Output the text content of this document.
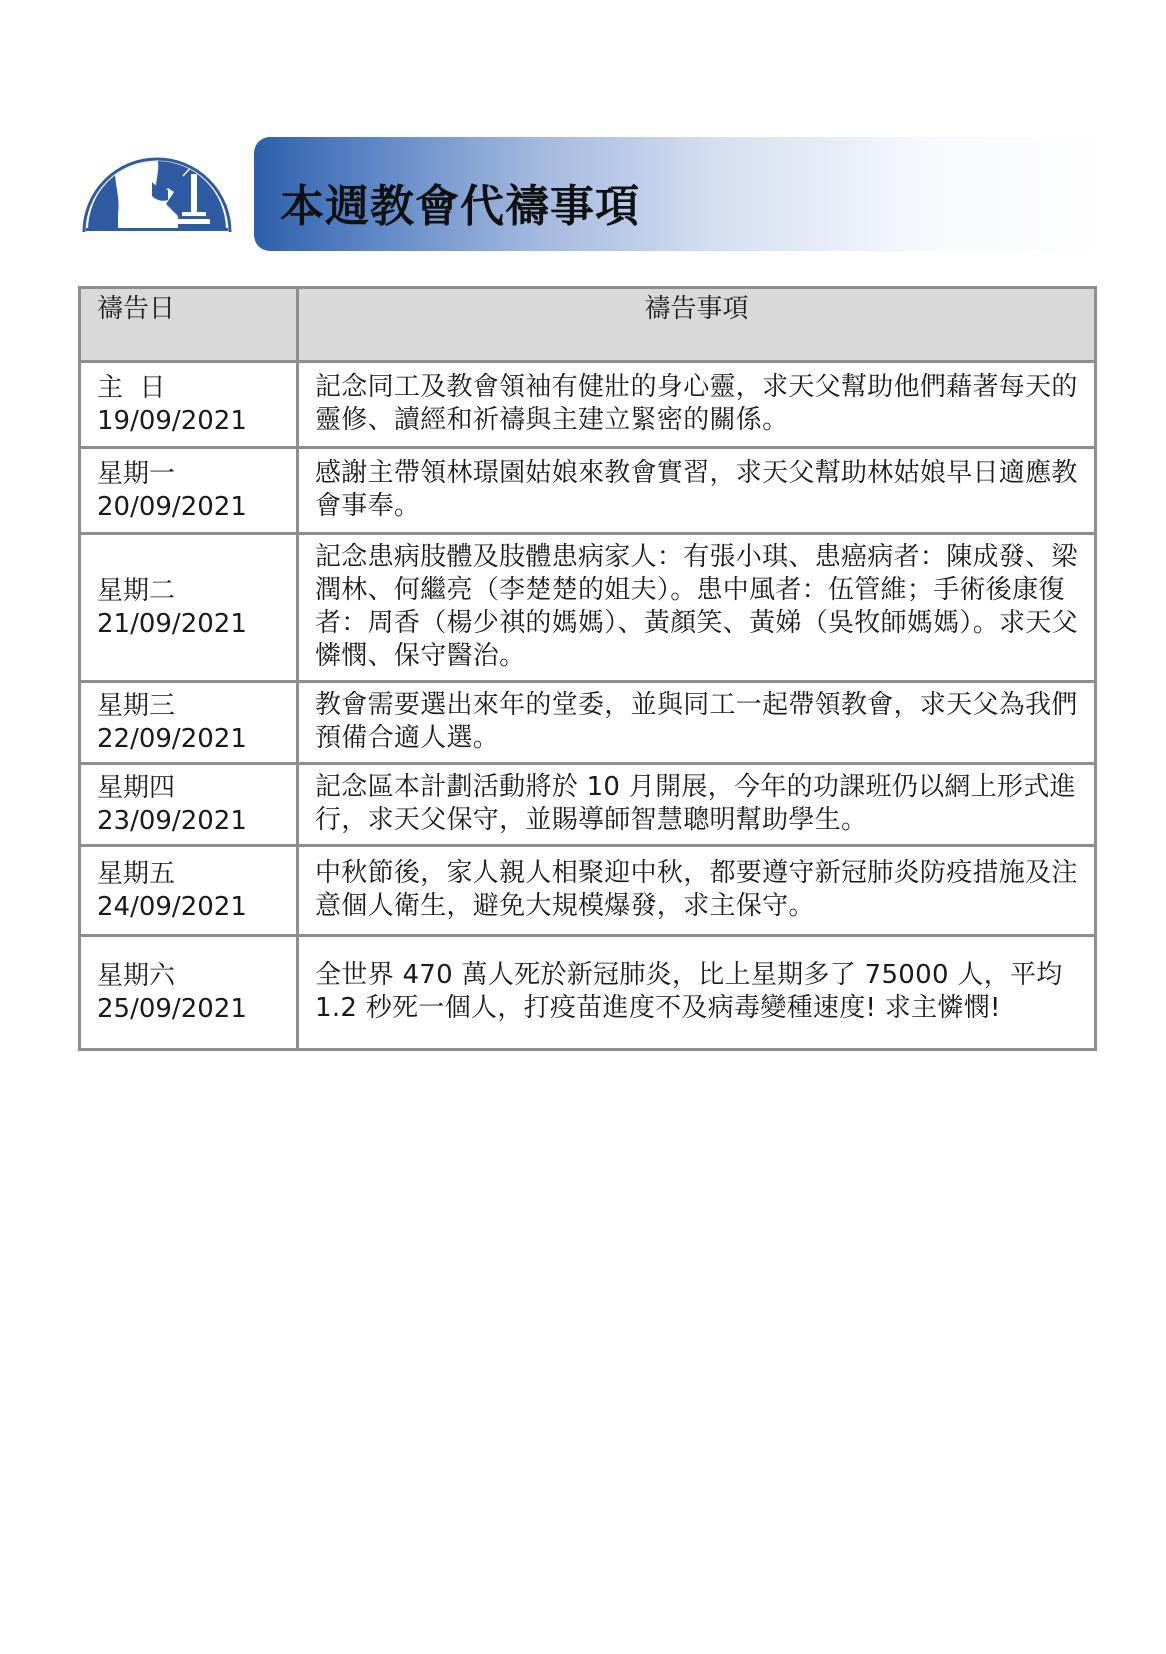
本週教會代禱事項
禱告日	禱告事項

主  日
19/09/2021	記念同工及教會領袖有健壯的身心靈，求天父幫助他們藉著每天的靈修、讀經和祈禱與主建立緊密的關係。

星期一
20/09/2021	感謝主帶領林璟園姑娘來教會實習，求天父幫助林姑娘早日適應教會事奉。

星期二
21/09/2021	記念患病肢體及肢體患病家人：有張小琪、患癌病者：陳成發、梁潤林、何繼亮（李楚楚的姐夫）。患中風者：伍管維；手術後康復者：周香（楊少祺的媽媽）、黃顏笑、黃娣（吳牧師媽媽）。求天父憐憫、保守醫治。

星期三
22/09/2021	教會需要選出來年的堂委，並與同工一起帶領教會，求天父為我們預備合適人選。

星期四
23/09/2021	記念區本計劃活動將於 10 月開展，今年的功課班仍以網上形式進行，求天父保守，並賜導師智慧聰明幫助學生。

星期五
24/09/2021	中秋節後，家人親人相聚迎中秋，都要遵守新冠肺炎防疫措施及注意個人衛生，避免大規模爆發，求主保守。

星期六
25/09/2021	全世界 470 萬人死於新冠肺炎，比上星期多了 75000 人，平均 1.2 秒死一個人，打疫苗進度不及病毒變種速度! 求主憐憫!
